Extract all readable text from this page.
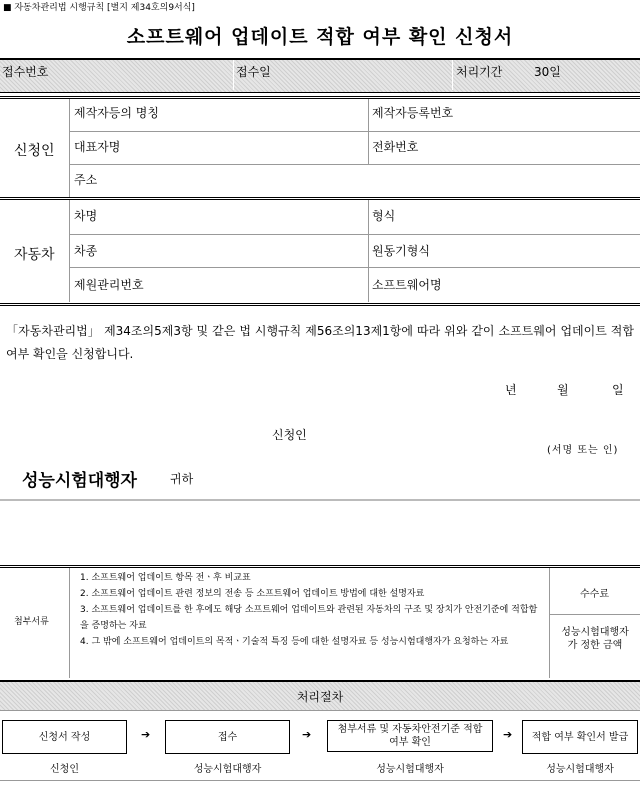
■ 자동차관리법 시행규칙 [별지 제34호의9서식]
소프트웨어 업데이트 적합 여부 확인 신청서
접수번호	접수일	처리기간	30일
신청인
제작자등의 명칭	제작자등록번호
대표자명	전화번호
주소
자동차
차명	형식
차종	원동기형식
제원관리번호	소프트웨어명
「자동차관리법」 제34조의5제3항 및 같은 법 시행규칙 제56조의13제1항에 따라 위와 같이 소프트웨어 업데이트 적합 여부 확인을 신청합니다.
년	월	일
신청인
(서명 또는 인)
성능시험대행자	귀하
첨부서류
1. 소프트웨어 업데이트 항목 전ㆍ후 비교표
2. 소프트웨어 업데이트 관련 정보의 전송 등 소프트웨어 업데이트 방법에 대한 설명자료
3. 소프트웨어 업데이트를 한 후에도 해당 소프트웨어 업데이트와 관련된 자동차의 구조 및 장치가 안전기준에 적합함을 증명하는 자료
4. 그 밖에 소프트웨어 업데이트의 목적ㆍ기술적 특징 등에 대한 설명자료 등 성능시험대행자가 요청하는 자료
수수료
성능시험대행자가 정한 금액
처리절차
신청서 작성	➔	접수	➔	첨부서류 및 자동차안전기준 적합여부 확인
➔ 적합 여부 확인서 발급
신청인	성능시험대행자	성능시험대행자	성능시험대행자
